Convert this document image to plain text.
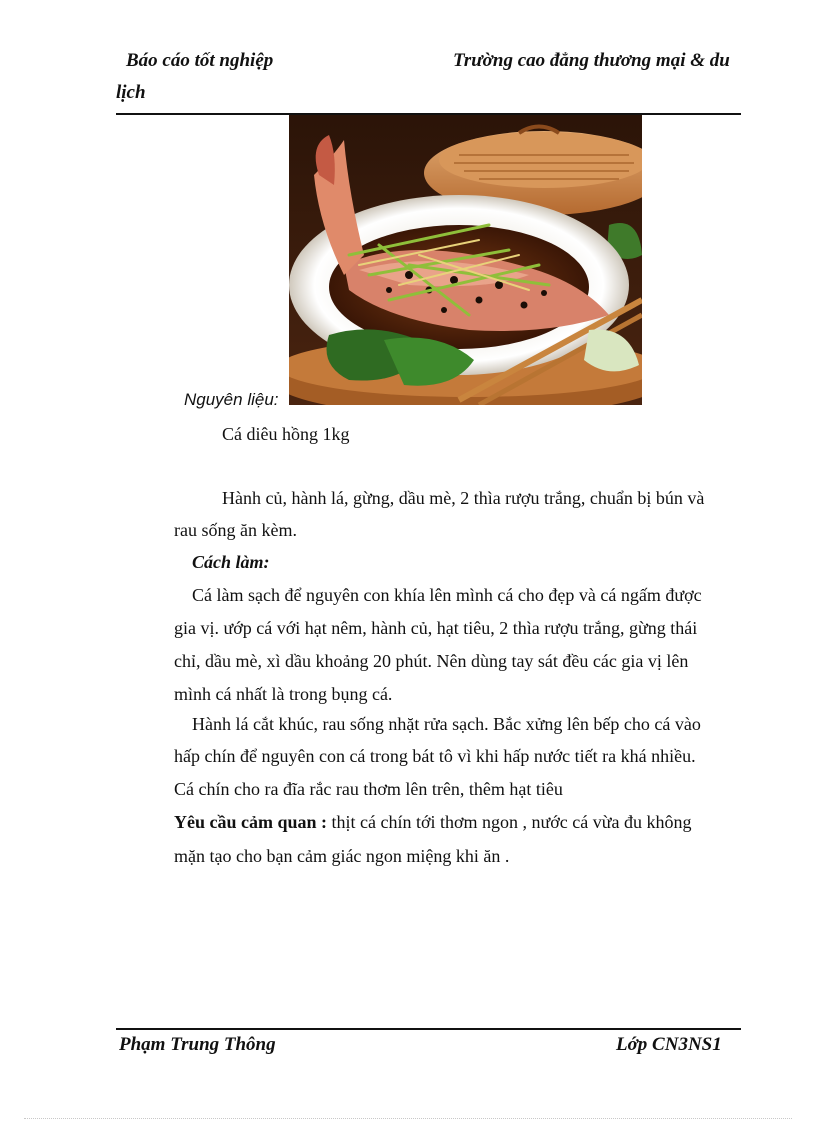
Báo cáo tốt nghiệp	Trường cao đẳng thương mại & du
lịch
Nguyên liệu:
Cá diêu hồng 1kg
Hành củ, hành lá, gừng, dầu mè, 2 thìa rượu trắng, chuẩn bị bún và
rau sống ăn kèm.
Cách làm:
Cá làm sạch để nguyên con khía lên mình cá cho đẹp và cá ngấm được
gia vị. ướp cá với hạt nêm, hành củ, hạt tiêu, 2 thìa rượu trắng, gừng thái
chỉ, dầu mè, xì dầu khoảng 20 phút. Nên dùng tay sát đều các gia vị lên
mình cá nhất là trong bụng cá.
Hành lá cắt khúc, rau sống nhặt rửa sạch. Bắc xửng lên bếp cho cá vào
hấp chín để nguyên con cá trong bát tô vì khi hấp nước tiết ra khá nhiều.
Cá chín cho ra đĩa rắc rau thơm lên trên, thêm hạt tiêu
Yêu cầu cảm quan : thịt cá chín tới thơm ngon , nước cá vừa đu không
mặn tạo cho bạn cảm giác ngon miệng khi ăn .
Phạm Trung Thông	Lớp CN3NS1
